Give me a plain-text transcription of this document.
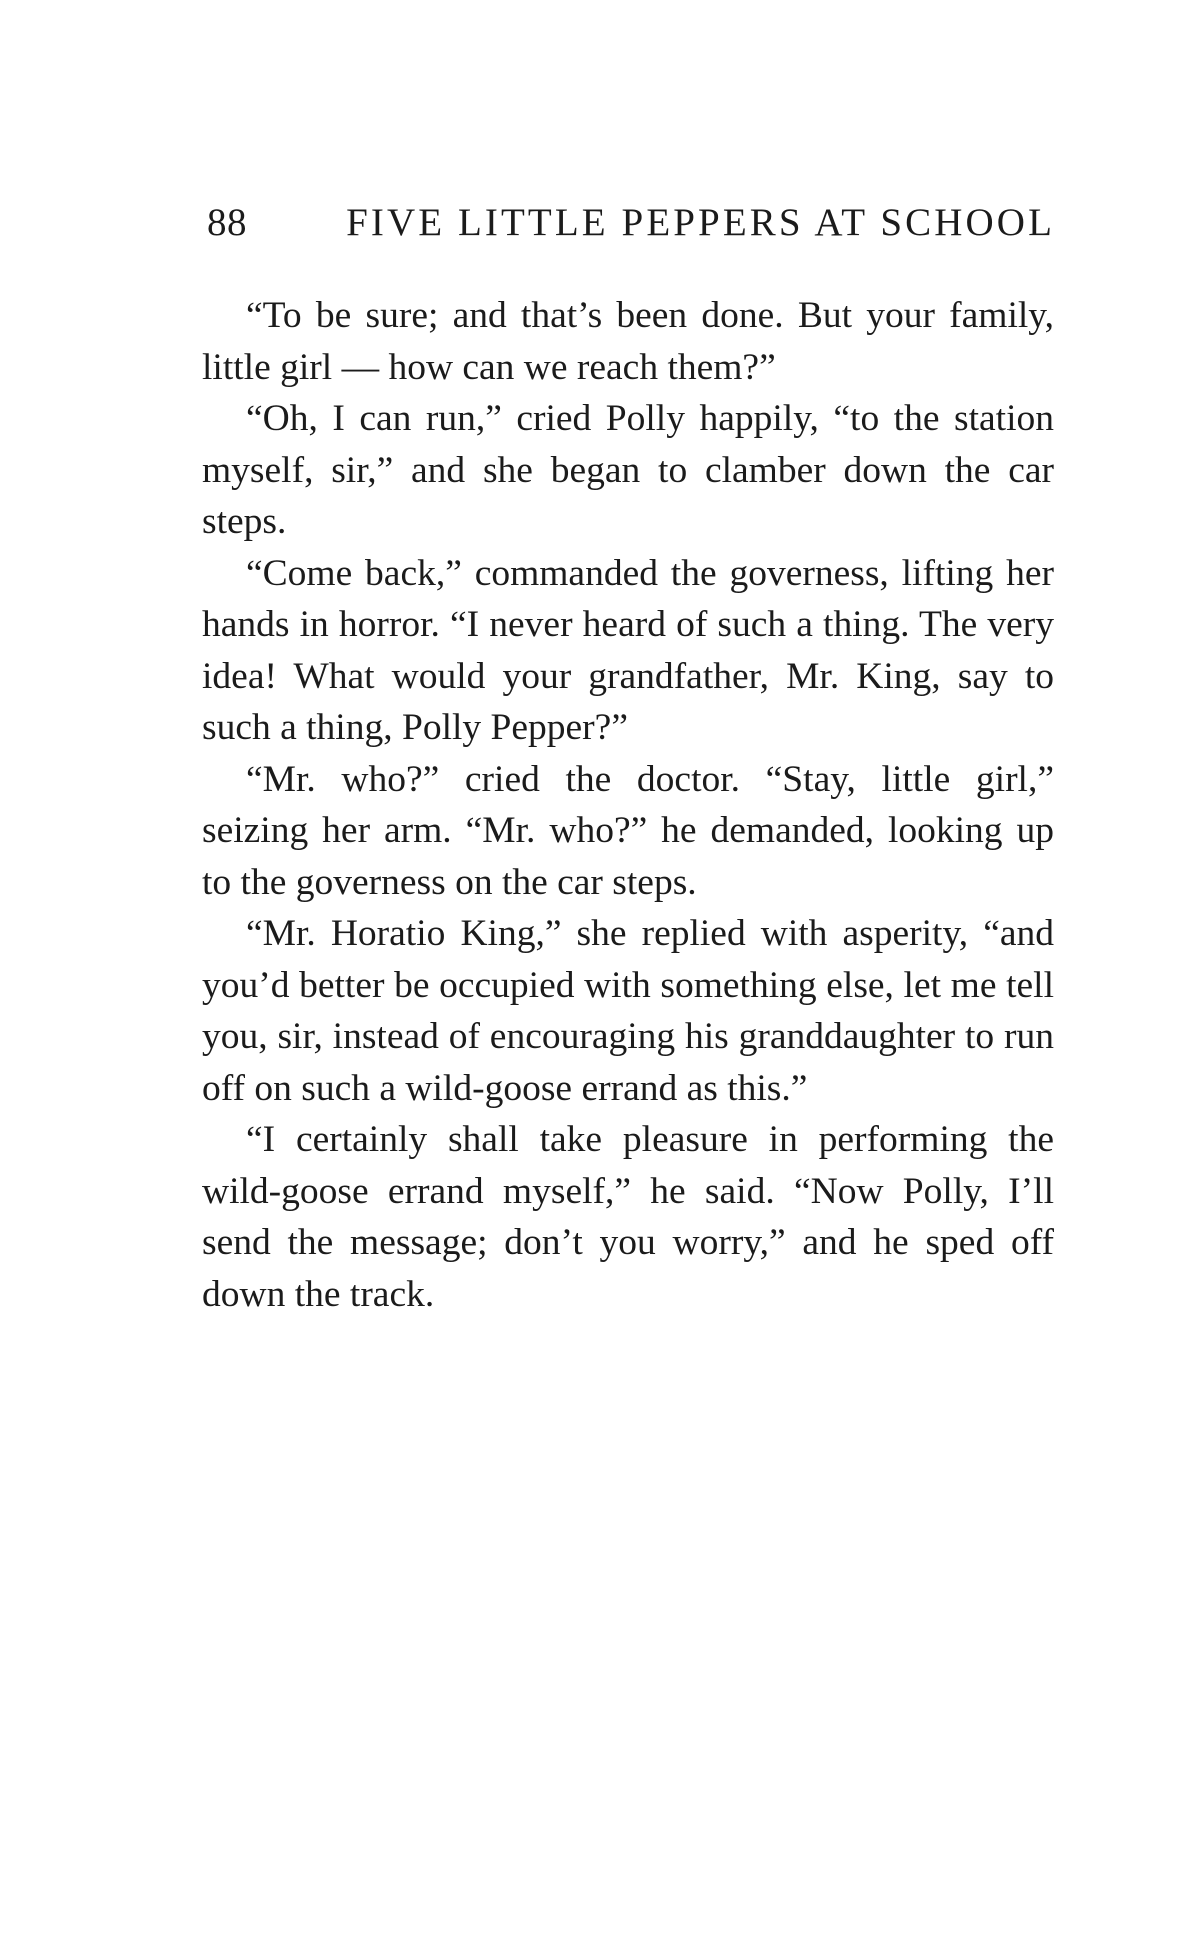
88	FIVE LITTLE PEPPERS AT SCHOOL

“To be sure; and that’s been done. But your family, little girl — how can we reach them?”

“Oh, I can run,” cried Polly happily, “to the station myself, sir,” and she began to clamber down the car steps.

“Come back,” commanded the governess, lifting her hands in horror. “I never heard of such a thing. The very idea! What would your grandfather, Mr. King, say to such a thing, Polly Pepper?”

“Mr. who?” cried the doctor. “Stay, little girl,” seizing her arm. “Mr. who?” he demanded, looking up to the governess on the car steps.

“Mr. Horatio King,” she replied with asperity, “and you’d better be occupied with something else, let me tell you, sir, instead of encouraging his granddaughter to run off on such a wild-goose errand as this.”

“I certainly shall take pleasure in performing the wild-goose errand myself,” he said. “Now Polly, I’ll send the message; don’t you worry,” and he sped off down the track.
